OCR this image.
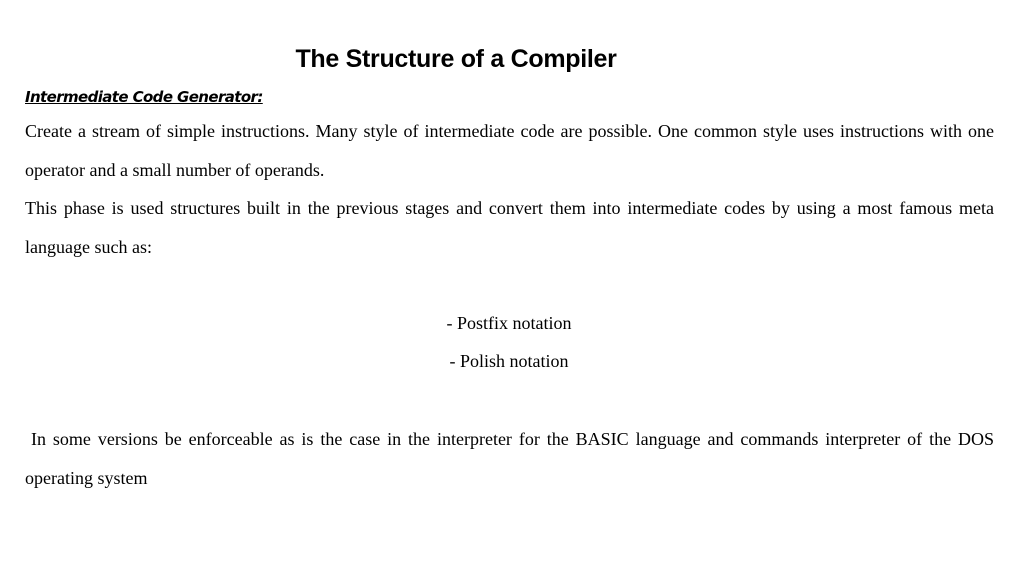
The Structure of a Compiler

Intermediate Code Generator:

Create a stream of simple instructions. Many style of intermediate code are possible. One common style uses instructions with one operator and a small number of operands.

This phase is used structures built in the previous stages and convert them into intermediate codes by using a most famous meta language such as:

- Postfix notation

- Polish notation

In some versions be enforceable as is the case in the interpreter for the BASIC language and commands interpreter of the DOS operating system
